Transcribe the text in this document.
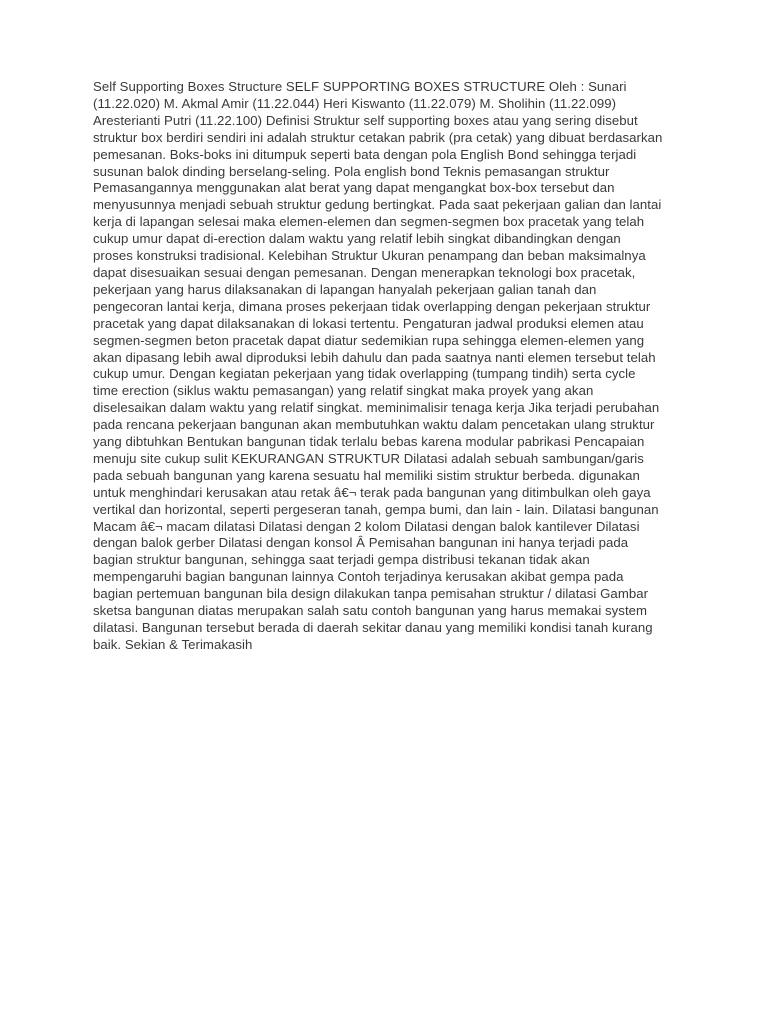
Self Supporting Boxes Structure SELF SUPPORTING BOXES STRUCTURE Oleh : Sunari
(11.22.020) M. Akmal Amir (11.22.044) Heri Kiswanto (11.22.079) M. Sholihin (11.22.099)
Aresterianti Putri (11.22.100) Definisi Struktur self supporting boxes atau yang sering disebut
struktur box berdiri sendiri ini adalah struktur cetakan pabrik (pra cetak) yang dibuat berdasarkan
pemesanan. Boks-boks ini ditumpuk seperti bata dengan pola English Bond sehingga terjadi
susunan balok dinding berselang-seling. Pola english bond Teknis pemasangan struktur
Pemasangannya menggunakan alat berat yang dapat mengangkat box-box tersebut dan
menyusunnya menjadi sebuah struktur gedung bertingkat. Pada saat pekerjaan galian dan lantai
kerja di lapangan selesai maka elemen-elemen dan segmen-segmen box pracetak yang telah
cukup umur dapat di-erection dalam waktu yang relatif lebih singkat dibandingkan dengan
proses konstruksi tradisional. Kelebihan Struktur Ukuran penampang dan beban maksimalnya
dapat disesuaikan sesuai dengan pemesanan. Dengan menerapkan teknologi box pracetak,
pekerjaan yang harus dilaksanakan di lapangan hanyalah pekerjaan galian tanah dan
pengecoran lantai kerja, dimana proses pekerjaan tidak overlapping dengan pekerjaan struktur
pracetak yang dapat dilaksanakan di lokasi tertentu. Pengaturan jadwal produksi elemen atau
segmen-segmen beton pracetak dapat diatur sedemikian rupa sehingga elemen-elemen yang
akan dipasang lebih awal diproduksi lebih dahulu dan pada saatnya nanti elemen tersebut telah
cukup umur. Dengan kegiatan pekerjaan yang tidak overlapping (tumpang tindih) serta cycle
time erection (siklus waktu pemasangan) yang relatif singkat maka proyek yang akan
diselesaikan dalam waktu yang relatif singkat. meminimalisir tenaga kerja Jika terjadi perubahan
pada rencana pekerjaan bangunan akan membutuhkan waktu dalam pencetakan ulang struktur
yang dibtuhkan Bentukan bangunan tidak terlalu bebas karena modular pabrikasi Pencapaian
menuju site cukup sulit KEKURANGAN STRUKTUR Dilatasi adalah sebuah sambungan/garis
pada sebuah bangunan yang karena sesuatu hal memiliki sistim struktur berbeda. digunakan
untuk menghindari kerusakan atau retak â€¬ terak pada bangunan yang ditimbulkan oleh gaya
vertikal dan horizontal, seperti pergeseran tanah, gempa bumi, dan lain - lain. Dilatasi bangunan
Macam â€¬ macam dilatasi Dilatasi dengan 2 kolom Dilatasi dengan balok kantilever Dilatasi
dengan balok gerber Dilatasi dengan konsol Â Pemisahan bangunan ini hanya terjadi pada
bagian struktur bangunan, sehingga saat terjadi gempa distribusi tekanan tidak akan
mempengaruhi bagian bangunan lainnya Contoh terjadinya kerusakan akibat gempa pada
bagian pertemuan bangunan bila design dilakukan tanpa pemisahan struktur / dilatasi Gambar
sketsa bangunan diatas merupakan salah satu contoh bangunan yang harus memakai system
dilatasi. Bangunan tersebut berada di daerah sekitar danau yang memiliki kondisi tanah kurang
baik. Sekian & Terimakasih
